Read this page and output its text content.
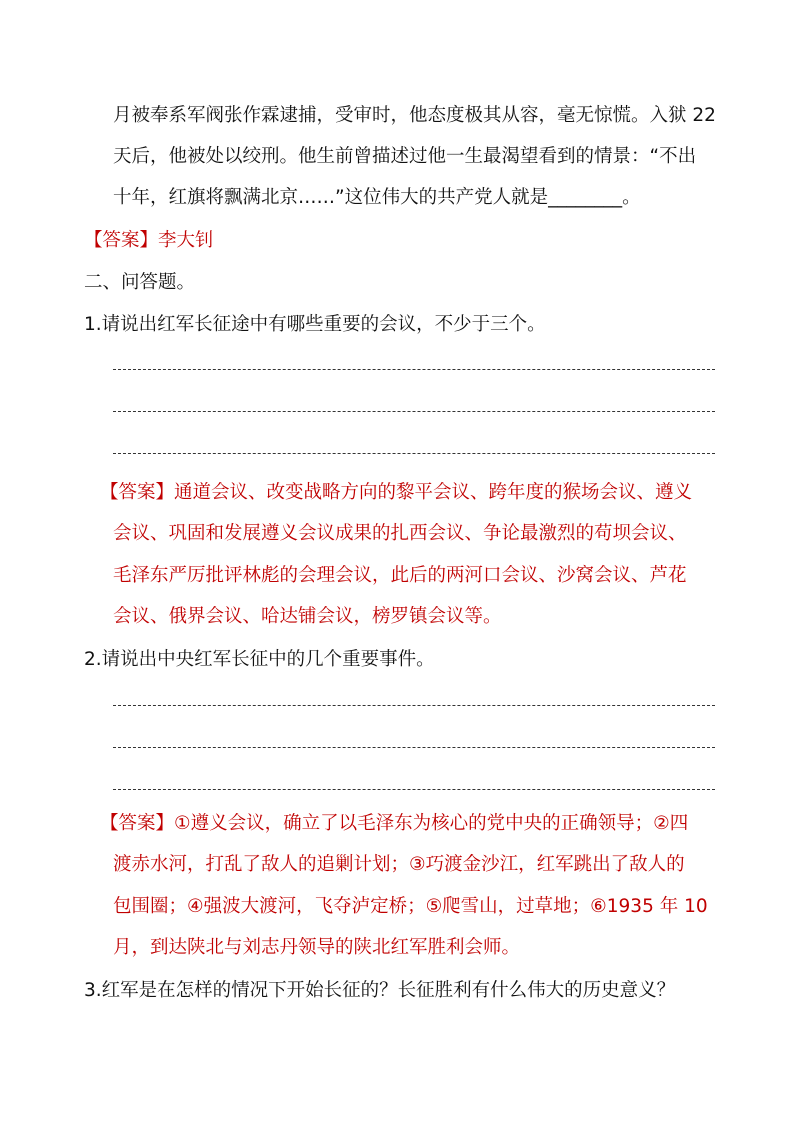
月被奉系军阀张作霖逮捕，受审时，他态度极其从容，毫无惊慌。入狱 22
天后，他被处以绞刑。他生前曾描述过他一生最渴望看到的情景：“不出
十年，红旗将飘满北京……”这位伟大的共产党人就是________。
【答案】李大钊
二、问答题。
1.请说出红军长征途中有哪些重要的会议，不少于三个。
【答案】通道会议、改变战略方向的黎平会议、跨年度的猴场会议、遵义
会议、巩固和发展遵义会议成果的扎西会议、争论最激烈的苟坝会议、
毛泽东严厉批评林彪的会理会议，此后的两河口会议、沙窝会议、芦花
会议、俄界会议、哈达铺会议，榜罗镇会议等。
2.请说出中央红军长征中的几个重要事件。
【答案】①遵义会议，确立了以毛泽东为核心的党中央的正确领导；②四
渡赤水河，打乱了敌人的追剿计划；③巧渡金沙江，红军跳出了敌人的
包围圈；④强波大渡河，飞夺泸定桥；⑤爬雪山，过草地；⑥1935 年 10
月，到达陕北与刘志丹领导的陕北红军胜利会师。
3.红军是在怎样的情况下开始长征的？长征胜利有什么伟大的历史意义？
